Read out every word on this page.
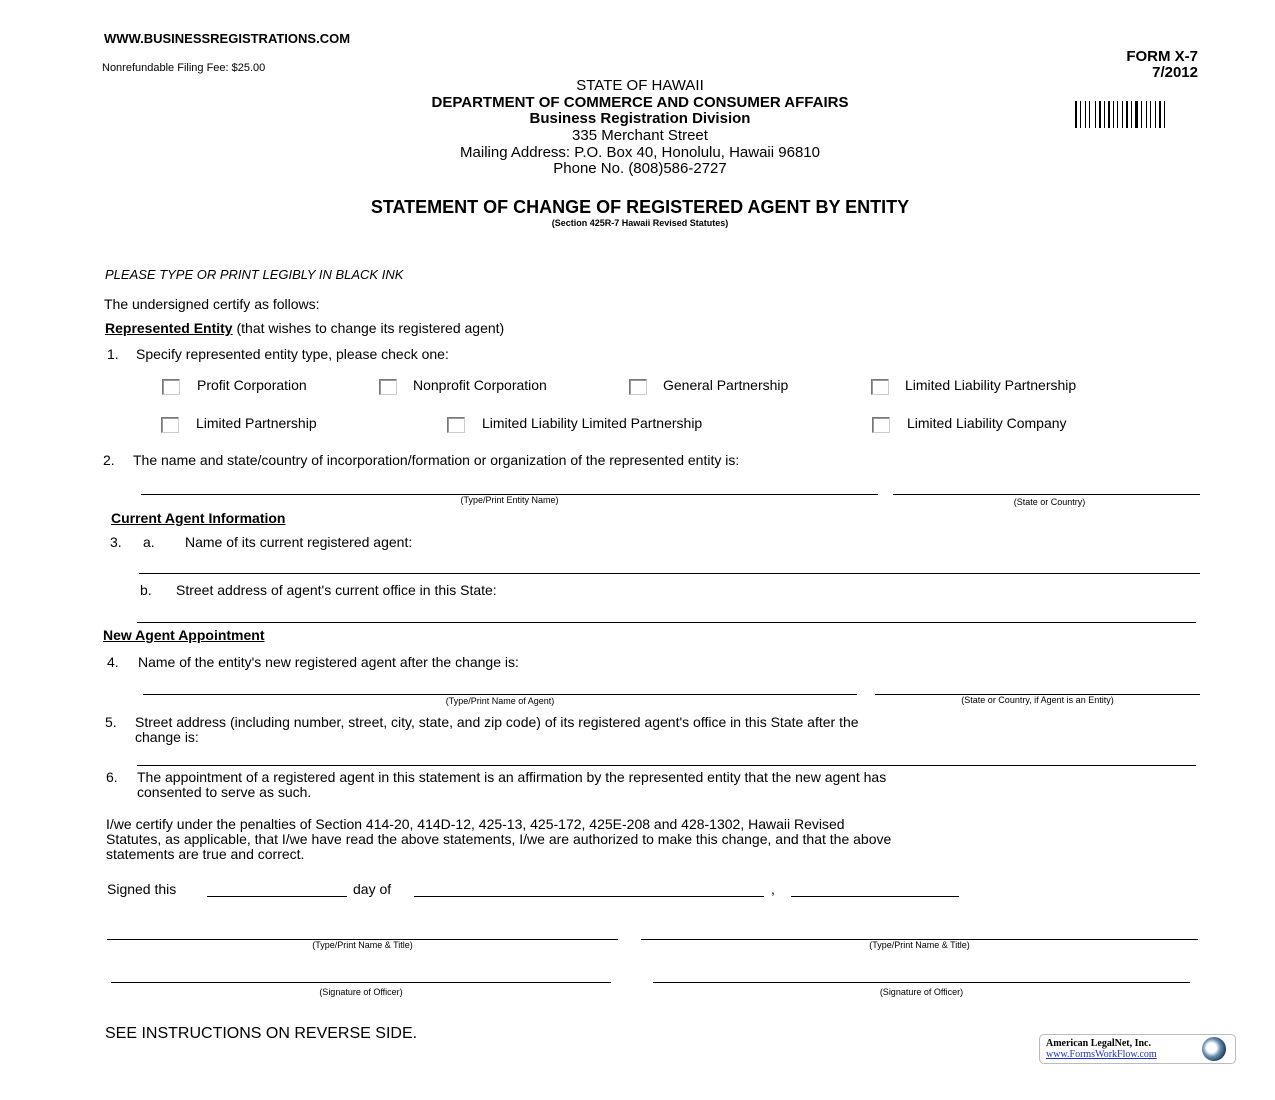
WWW.BUSINESSREGISTRATIONS.COM
Nonrefundable Filing Fee: $25.00
FORM X-7
7/2012
STATE OF HAWAII
DEPARTMENT OF COMMERCE AND CONSUMER AFFAIRS
Business Registration Division
335 Merchant Street
Mailing Address: P.O. Box 40, Honolulu, Hawaii 96810
Phone No. (808)586-2727
STATEMENT OF CHANGE OF REGISTERED AGENT BY ENTITY
(Section 425R-7 Hawaii Revised Statutes)
PLEASE TYPE OR PRINT LEGIBLY IN BLACK INK
The undersigned certify as follows:
Represented Entity (that wishes to change its registered agent)
1. Specify represented entity type, please check one:
Profit Corporation	Nonprofit Corporation	General Partnership	Limited Liability Partnership
Limited Partnership	Limited Liability Limited Partnership	Limited Liability Company
2. The name and state/country of incorporation/formation or organization of the represented entity is:
(Type/Print Entity Name)	(State or Country)
Current Agent Information
3. a. Name of its current registered agent:
b. Street address of agent's current office in this State:
New Agent Appointment
4. Name of the entity's new registered agent after the change is:
(Type/Print Name of Agent)	(State or Country, if Agent is an Entity)
5. Street address (including number, street, city, state, and zip code) of its registered agent's office in this State after the
change is:
6. The appointment of a registered agent in this statement is an affirmation by the represented entity that the new agent has
consented to serve as such.
I/we certify under the penalties of Section 414-20, 414D-12, 425-13, 425-172, 425E-208 and 428-1302, Hawaii Revised
Statutes, as applicable, that I/we have read the above statements, I/we are authorized to make this change, and that the above
statements are true and correct.
Signed this	day of	,
(Type/Print Name & Title)	(Type/Print Name & Title)
(Signature of Officer)	(Signature of Officer)
SEE INSTRUCTIONS ON REVERSE SIDE.
American LegalNet, Inc.
www.FormsWorkFlow.com
